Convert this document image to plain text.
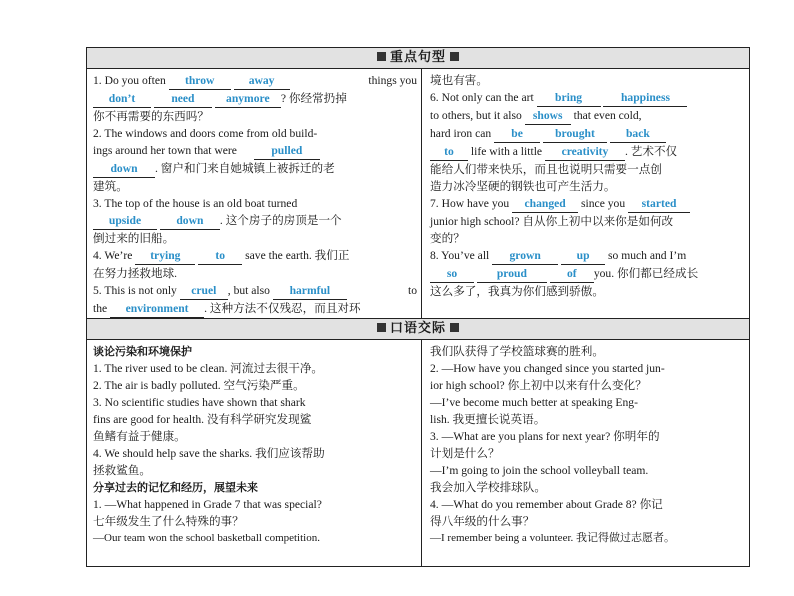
重点句型
1. Do you often throw	away	things you
don’t	need	anymore ? 你经常扔掉
你不再需要的东西吗？
2. The windows and doors come from old build-
ings around her town that were	pulled
down . 窗户和门来自她城镇上被拆迁的老
建筑。
3. The top of the house is an old boat turned
upside	down . 这个房子的房顶是一个
倒过来的旧船。
4. We’re trying	to save the earth. 我们正
在努力拯救地球.
5. This is not only cruel , but also harmful	to
the environment . 这种方法不仅残忍，而且对环
境也有害。
6. Not only can the art bring	happiness
to others, but it also shows that even cold,
hard iron can be	brought	back
to life with a little creativity . 艺术不仅
能给人们带来快乐，而且也说明只需要一点创
造力冰冷坚硬的钢铁也可产生活力。
7. How have you changed since you started
junior high school? 自从你上初中以来你是如何改
变的？
8. You’ve all grown	up so much and I’m
so	proud	of you. 你们都已经成长
这么多了，我真为你们感到骄傲。
口语交际
谈论污染和环境保护
1. The river used to be clean. 河流过去很干净。
2. The air is badly polluted. 空气污染严重。
3. No scientific studies have shown that shark
fins are good for health. 没有科学研究发现鲨
鱼鳍有益于健康。
4. We should help save the sharks. 我们应该帮助
拯救鲨鱼。
分享过去的记忆和经历，展望未来
1. —What happened in Grade 7 that was special?
七年级发生了什么特殊的事？
—Our team won the school basketball competition.
我们队获得了学校篮球赛的胜利。
2. —How have you changed since you started jun-
ior high school? 你上初中以来有什么变化？
—I’ve become much better at speaking Eng-
lish. 我更擅长说英语。
3. —What are you plans for next year? 你明年的
计划是什么？
—I’m going to join the school volleyball team.
我会加入学校排球队。
4. —What do you remember about Grade 8? 你记
得八年级的什么事？
—I remember being a volunteer. 我记得做过志愿者。
